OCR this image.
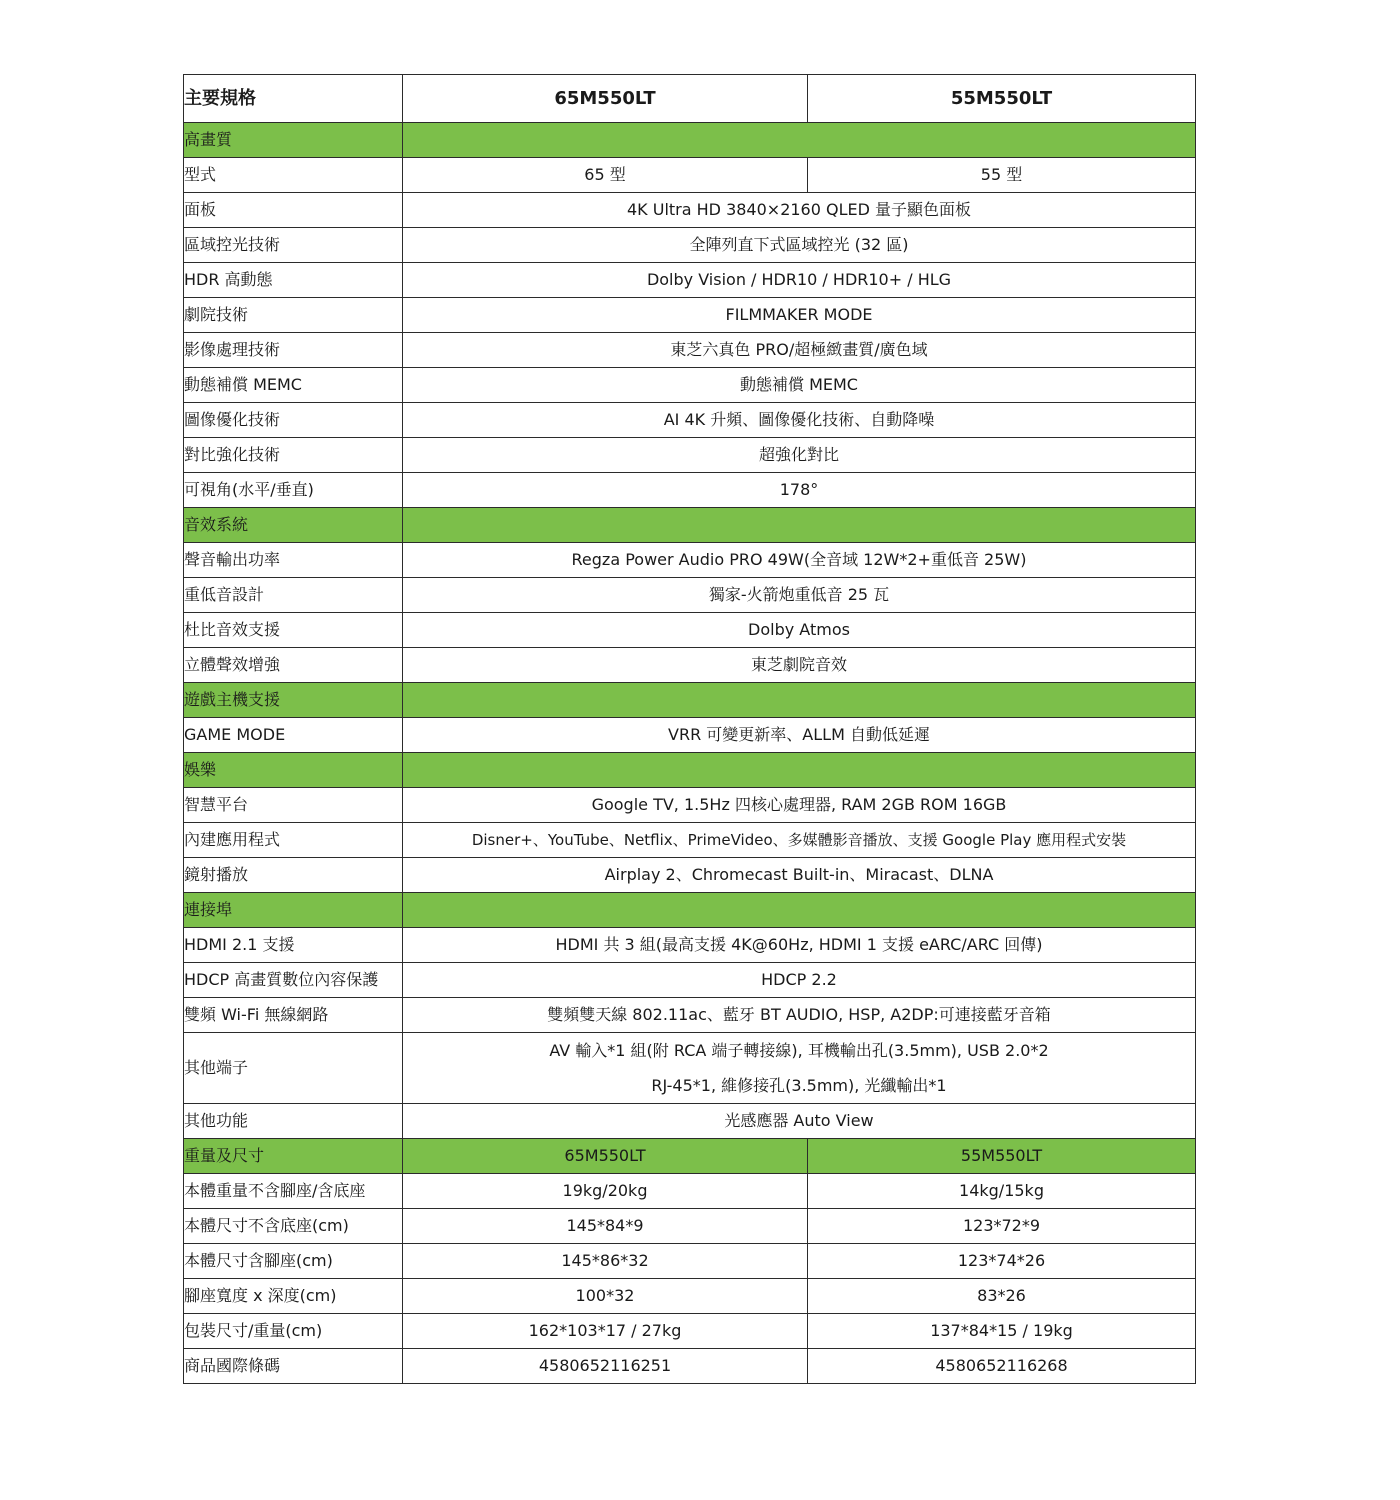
主要規格	65M550LT	55M550LT
高畫質		
型式	65 型	55 型
面板	4K Ultra HD 3840×2160 QLED 量子顯色面板	
區域控光技術	全陣列直下式區域控光 (32 區)	
HDR 高動態	Dolby Vision / HDR10 / HDR10+ / HLG	
劇院技術	FILMMAKER MODE	
影像處理技術	東芝六真色 PRO/超極緻畫質/廣色域	
動態補償 MEMC	動態補償 MEMC	
圖像優化技術	AI 4K 升頻、圖像優化技術、自動降噪	
對比強化技術	超強化對比	
可視角(水平/垂直)	178°	
音效系統		
聲音輸出功率	Regza Power Audio PRO 49W(全音域 12W*2+重低音 25W)	
重低音設計	獨家-火箭炮重低音 25 瓦	
杜比音效支援	Dolby Atmos	
立體聲效增強	東芝劇院音效	
遊戲主機支援		
GAME MODE	VRR 可變更新率、ALLM 自動低延遲	
娛樂		
智慧平台	Google TV, 1.5Hz 四核心處理器, RAM 2GB ROM 16GB	
內建應用程式	Disner+、YouTube、Netflix、PrimeVideo、多媒體影音播放、支援 Google Play 應用程式安裝	
鏡射播放	Airplay 2、Chromecast Built-in、Miracast、DLNA	
連接埠		
HDMI 2.1 支援	HDMI 共 3 組(最高支援 4K@60Hz, HDMI 1 支援 eARC/ARC 回傳)	
HDCP 高畫質數位內容保護	HDCP 2.2	
雙頻 Wi-Fi 無線網路	雙頻雙天線 802.11ac、藍牙 BT AUDIO, HSP, A2DP:可連接藍牙音箱	
其他端子	AV 輸入*1 組(附 RCA 端子轉接線), 耳機輸出孔(3.5mm), USB 2.0*2
RJ-45*1, 維修接孔(3.5mm), 光纖輸出*1	

其他功能	光感應器 Auto View	
重量及尺寸	65M550LT	55M550LT
本體重量不含腳座/含底座	19kg/20kg	14kg/15kg
本體尺寸不含底座(cm)	145*84*9	123*72*9
本體尺寸含腳座(cm)	145*86*32	123*74*26
腳座寬度 x 深度(cm)	100*32	83*26
包裝尺寸/重量(cm)	162*103*17 / 27kg	137*84*15 / 19kg
商品國際條碼	4580652116251	4580652116268
